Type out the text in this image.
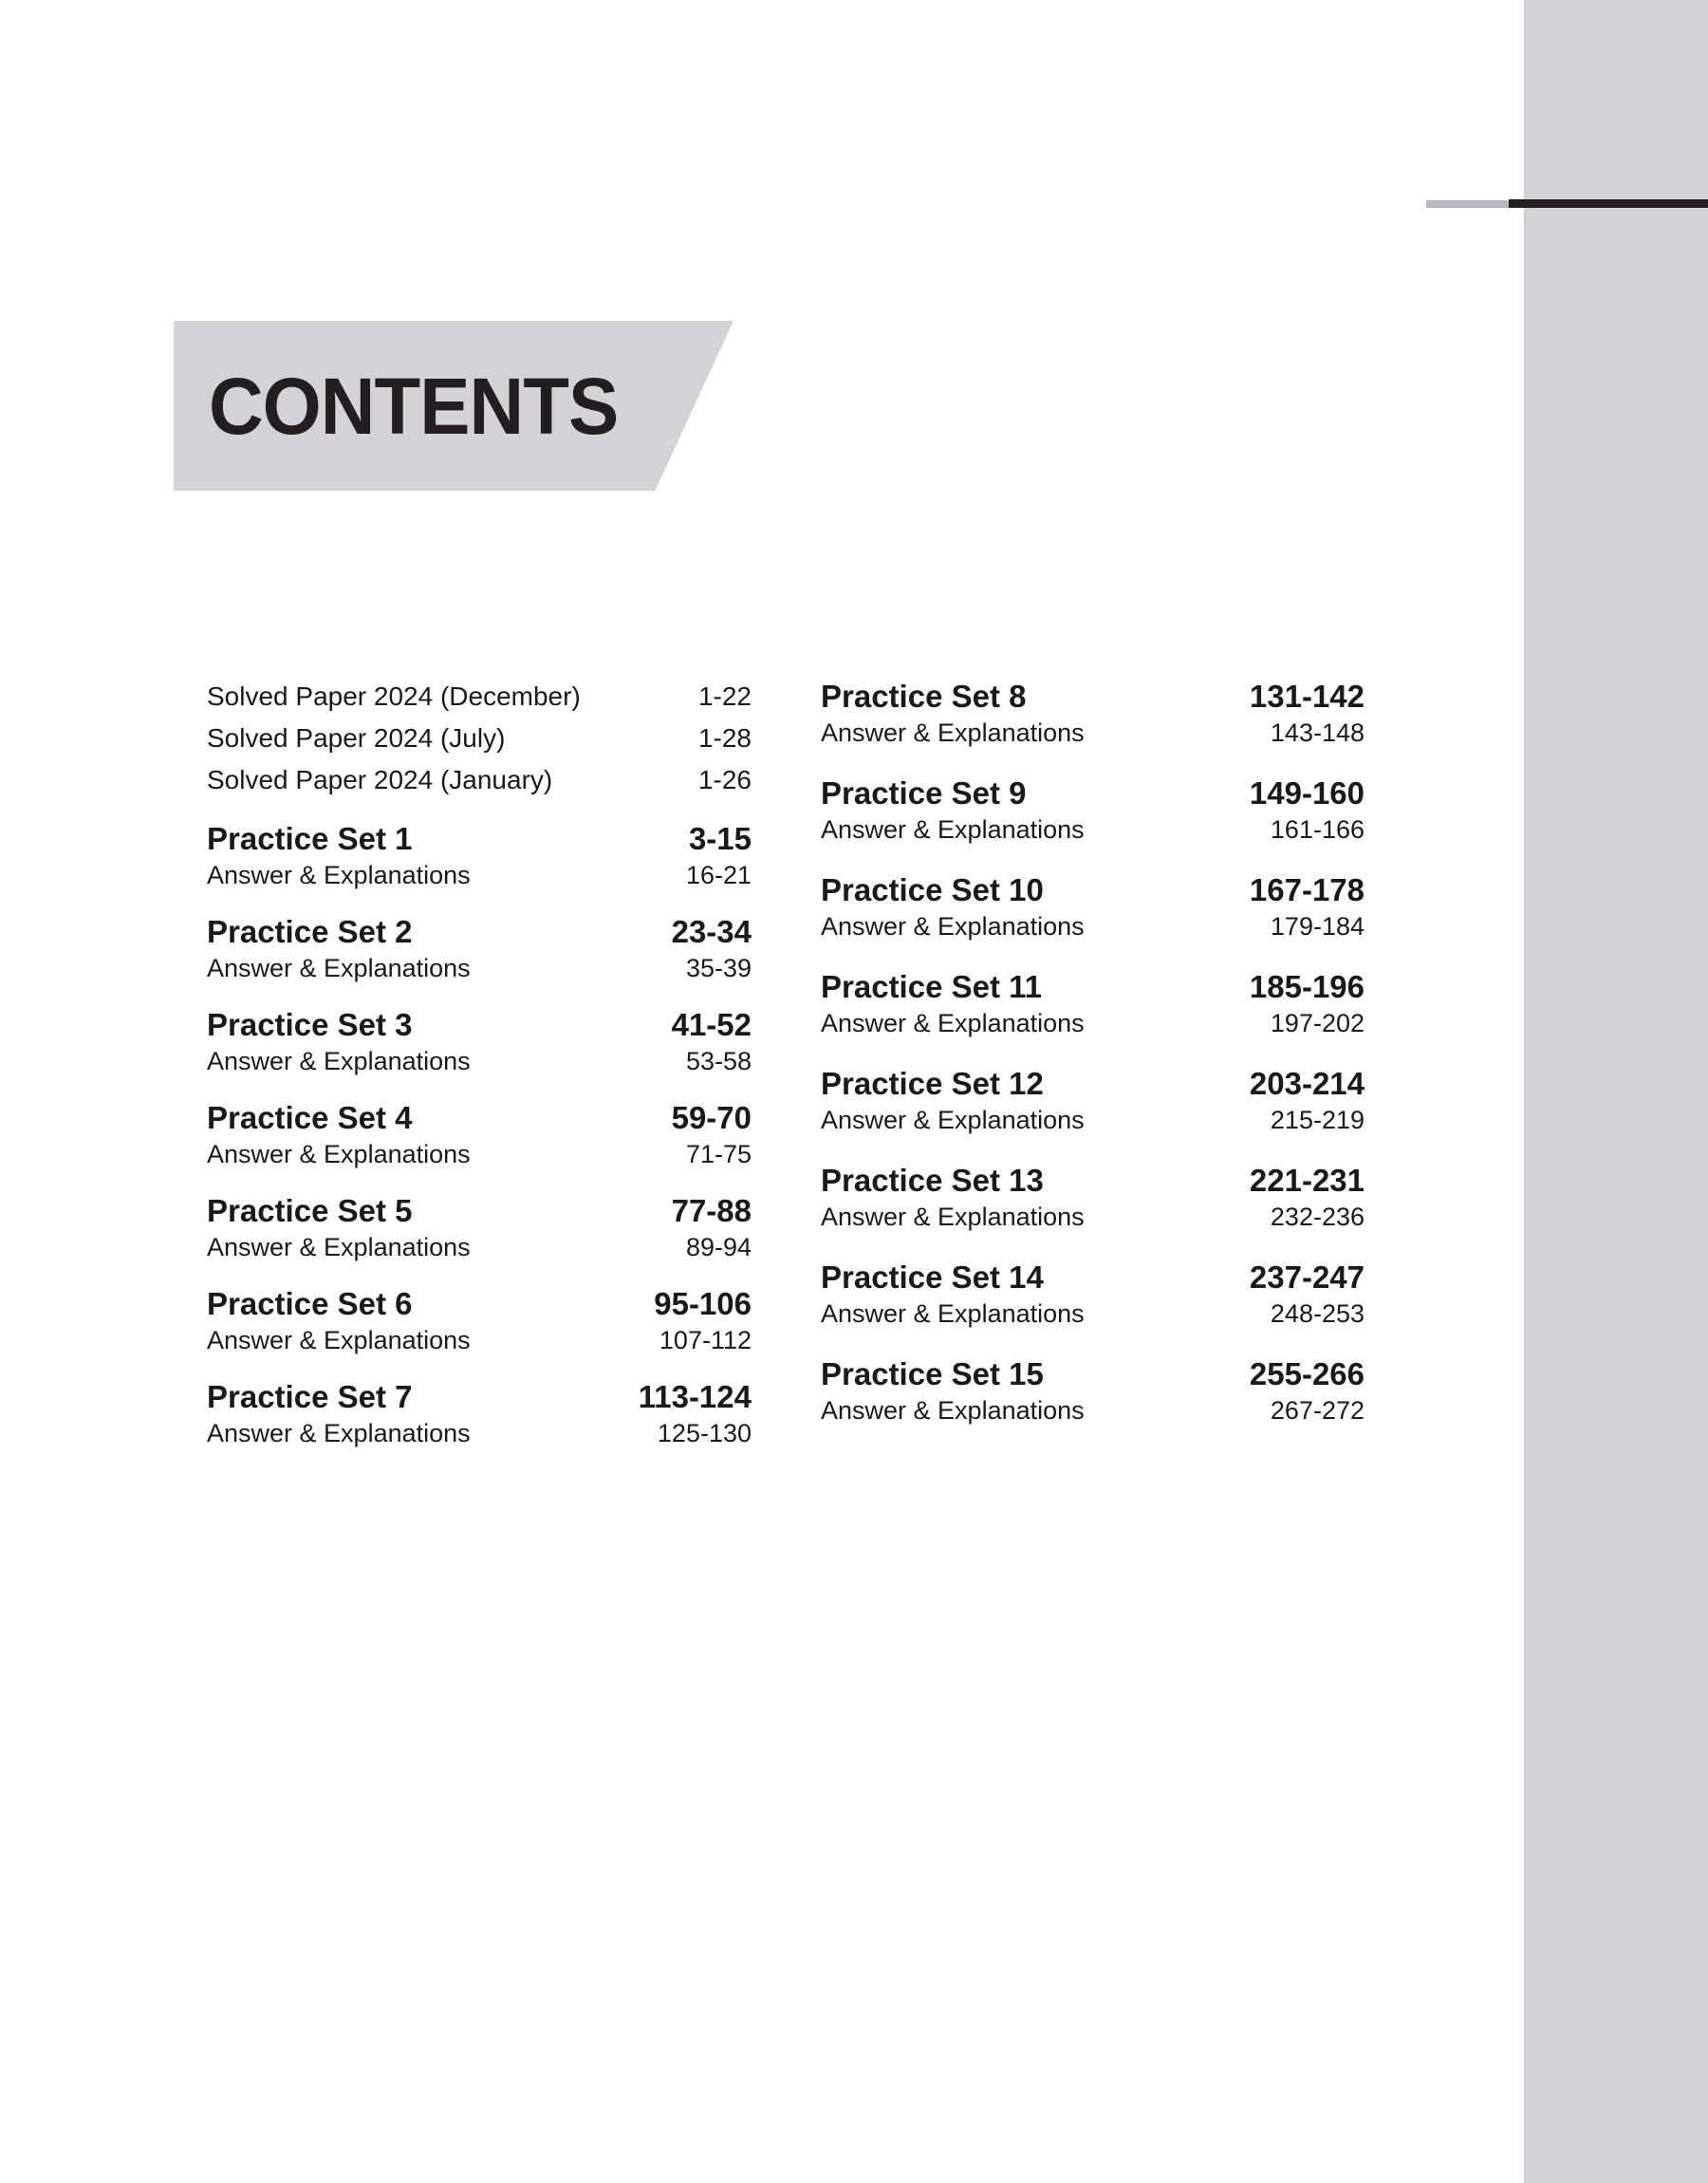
CONTENTS
Solved Paper 2024 (December)	1-22
Solved Paper 2024 (July)	1-28
Solved Paper 2024 (January)	1-26
Practice Set 1	3-15
Answer & Explanations	16-21
Practice Set 2	23-34
Answer & Explanations	35-39
Practice Set 3	41-52
Answer & Explanations	53-58
Practice Set 4	59-70
Answer & Explanations	71-75
Practice Set 5	77-88
Answer & Explanations	89-94
Practice Set 6	95-106
Answer & Explanations	107-112
Practice Set 7	113-124
Answer & Explanations	125-130
Practice Set 8	131-142
Answer & Explanations	143-148
Practice Set 9	149-160
Answer & Explanations	161-166
Practice Set 10	167-178
Answer & Explanations	179-184
Practice Set 11	185-196
Answer & Explanations	197-202
Practice Set 12	203-214
Answer & Explanations	215-219
Practice Set 13	221-231
Answer & Explanations	232-236
Practice Set 14	237-247
Answer & Explanations	248-253
Practice Set 15	255-266
Answer & Explanations	267-272
